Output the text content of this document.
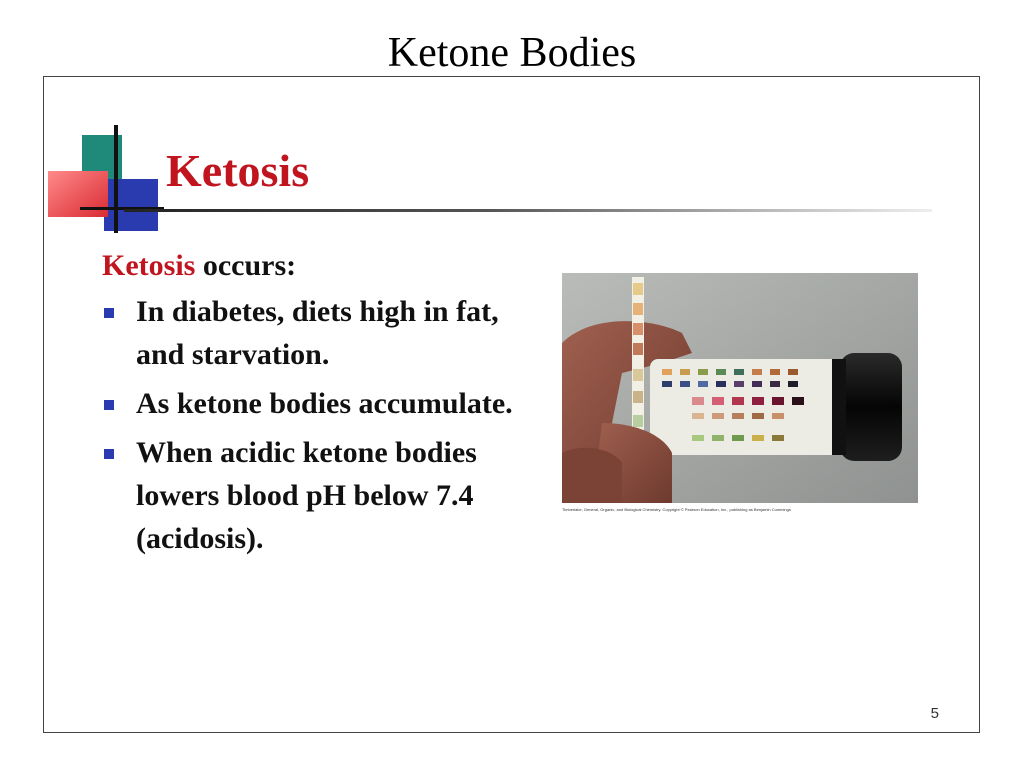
Ketone Bodies
Ketosis
Ketosis occurs:
In diabetes, diets high in fat, and starvation.
As ketone bodies accumulate.
When acidic ketone bodies lowers blood pH below 7.4 (acidosis).
Timberlake, General, Organic, and Biological Chemistry. Copyright © Pearson Education, Inc., publishing as Benjamin Cummings
5
